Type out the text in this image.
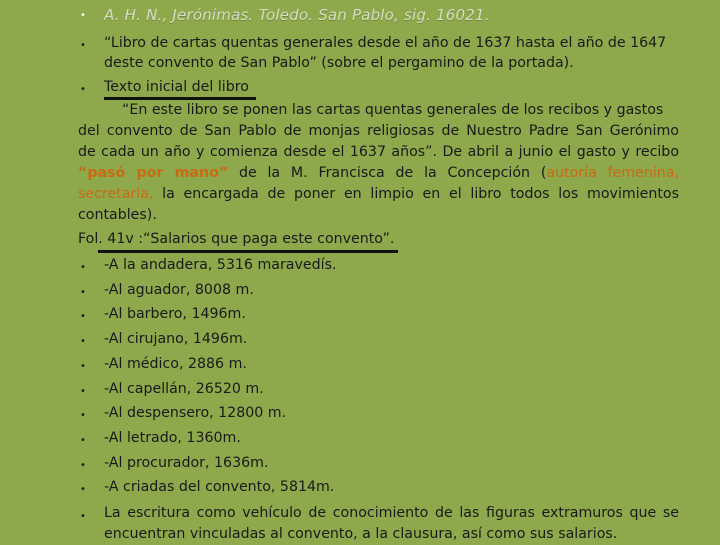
• A. H. N., Jerónimas. Toledo. San Pablo, sig. 16021.
• “Libro de cartas quentas generales desde el año de 1637 hasta el año de 1647
deste convento de San Pablo” (sobre el pergamino de la portada).
• Texto inicial del libro
“En este libro se ponen las cartas quentas generales de los recibos y gastos
del convento de San Pablo de monjas religiosas de Nuestro Padre San Gerónimo
de cada un año y comienza desde el 1637 años”. De abril a junio el gasto y recibo
“pasó por mano” de la M. Francisca de la Concepción (autoría femenina,
secretaria, la encargada de poner en limpio en el libro todos los movimientos
contables).
Fol. 41v :“Salarios que paga este convento”.
• -A la andadera, 5316 maravedís.
• -Al aguador, 8008 m.
• -Al barbero, 1496m.
• -Al cirujano, 1496m.
• -Al médico, 2886 m.
• -Al capellán, 26520 m.
• -Al despensero, 12800 m.
• -Al letrado, 1360m.
• -Al procurador, 1636m.
• -A criadas del convento, 5814m.
• La escritura como vehículo de conocimiento de las figuras extramuros que se
encuentran vinculadas al convento, a la clausura, así como sus salarios.
